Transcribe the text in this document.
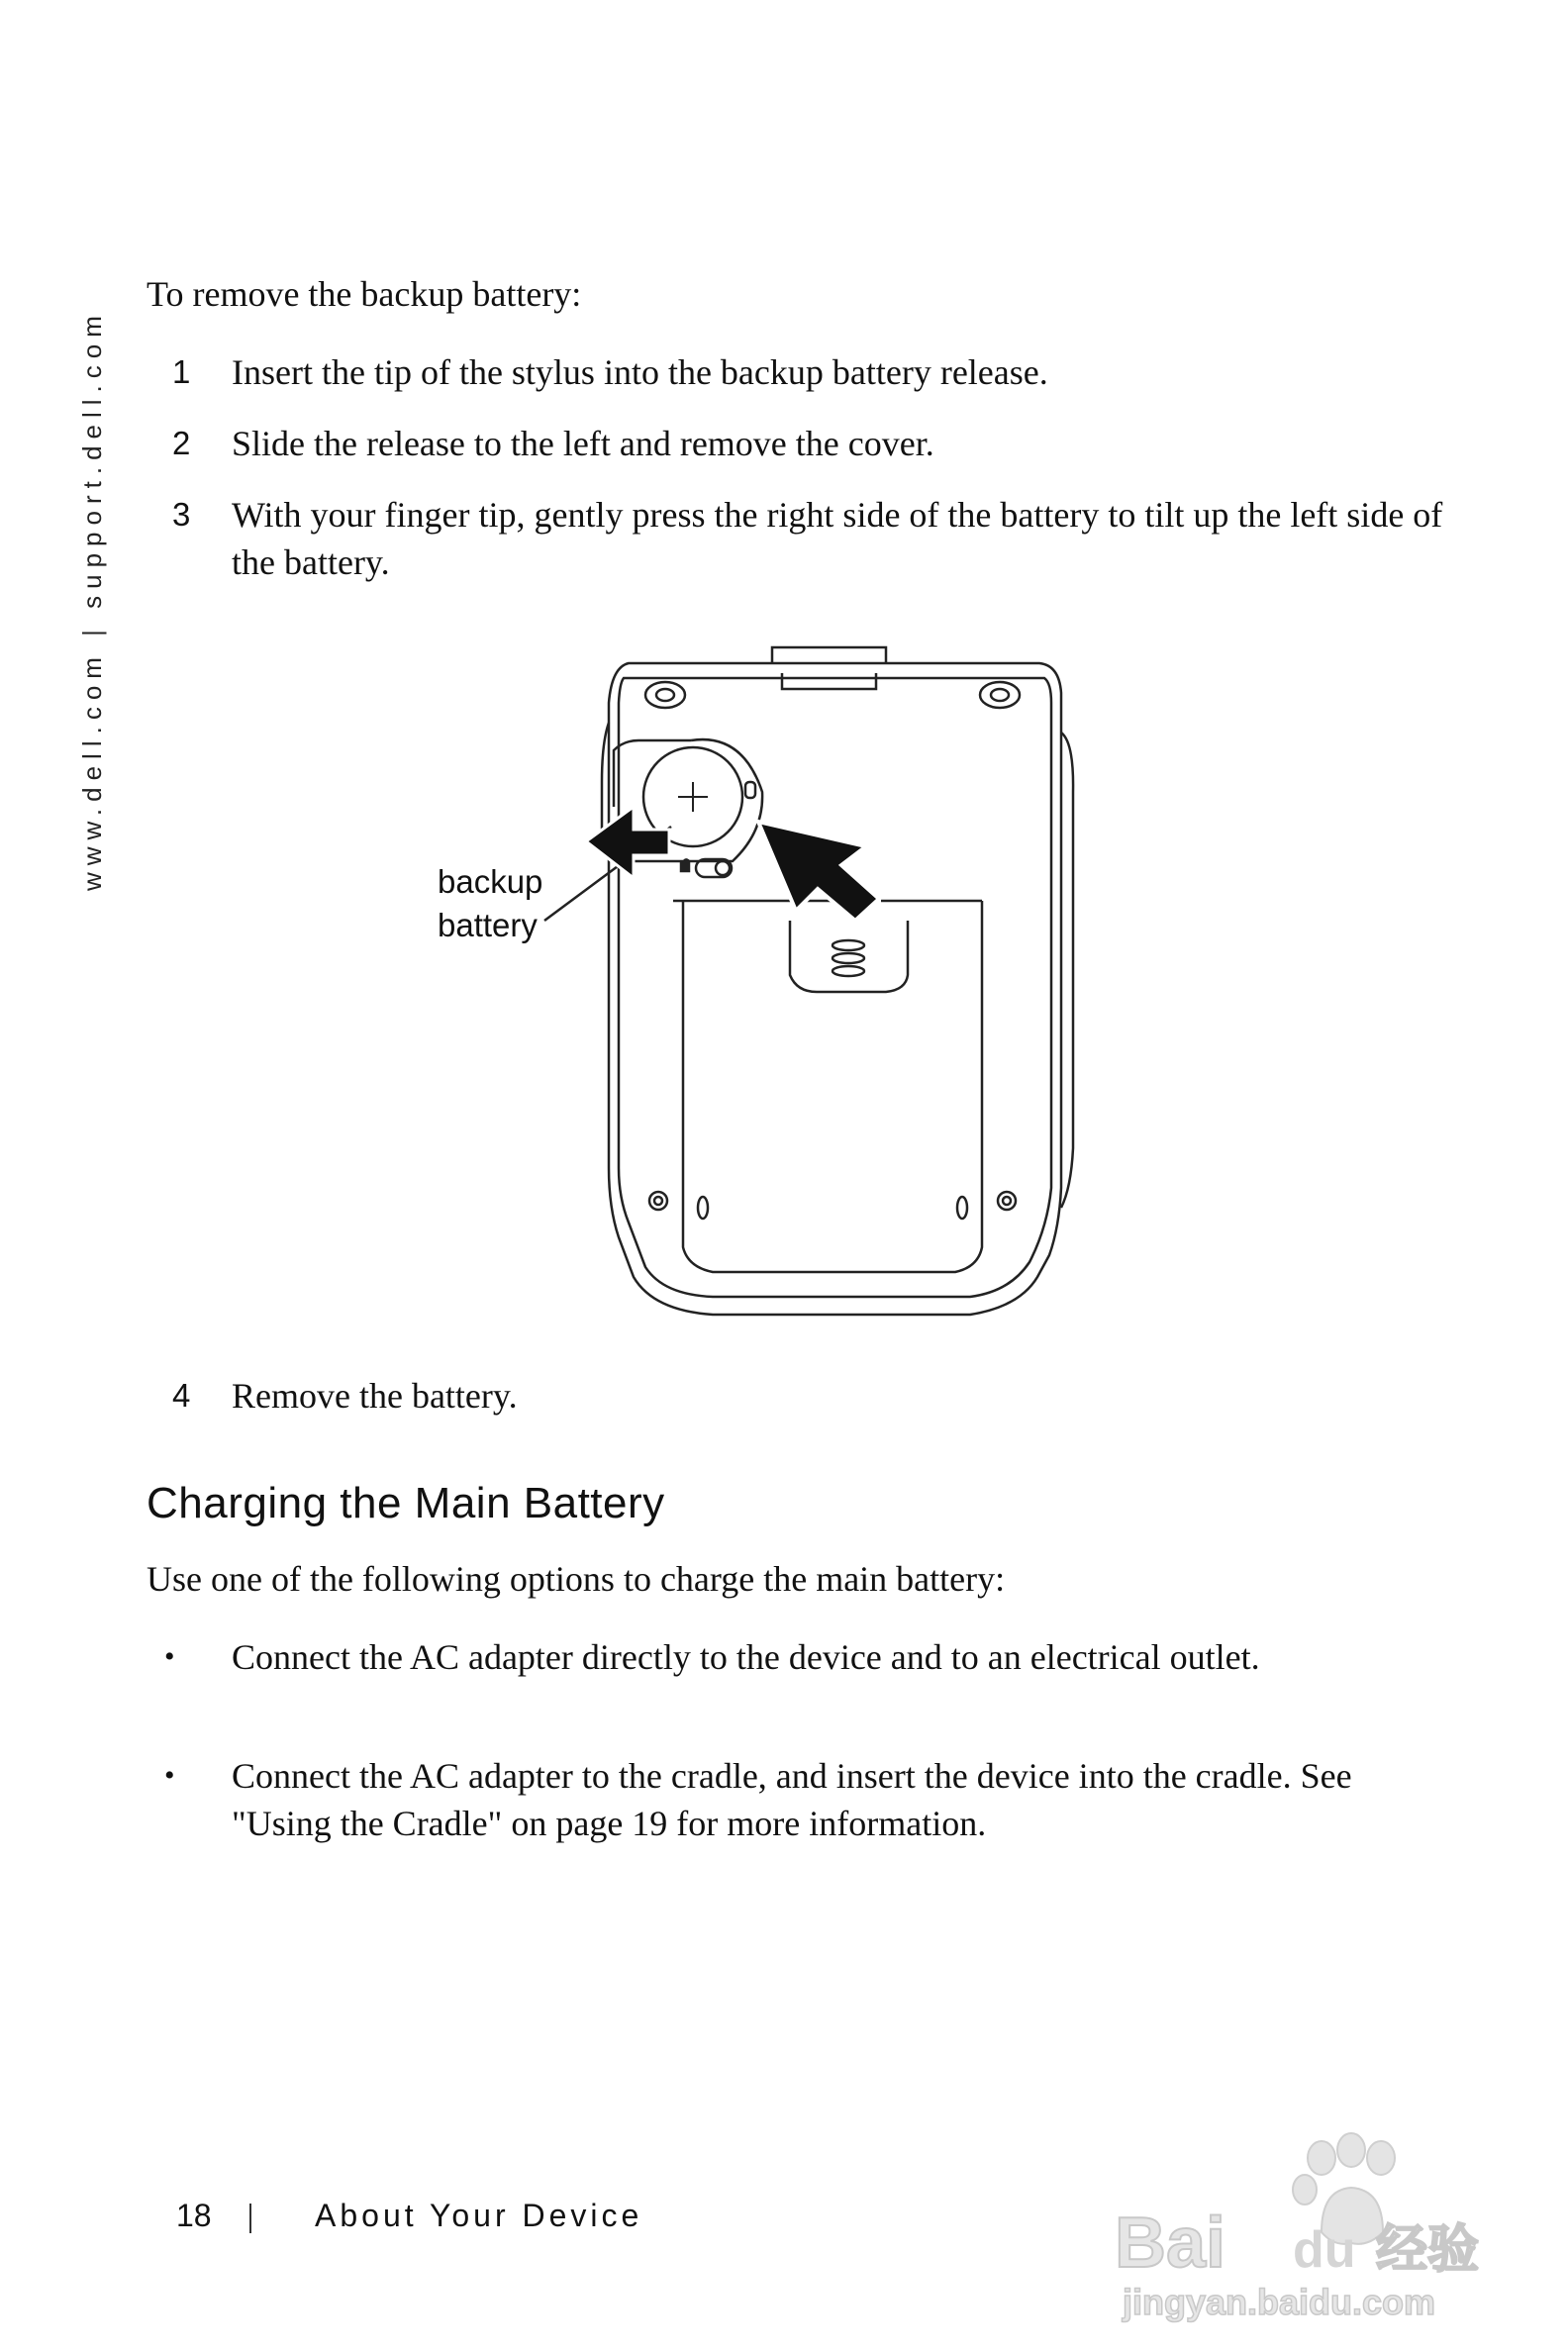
www.dell.com | support.dell.com
To remove the backup battery:
1	Insert the tip of the stylus into the backup battery release.
2	Slide the release to the left and remove the cover.
3	With your finger tip, gently press the right side of the battery to tilt up the left side of the battery.
backup
battery
4	Remove the battery.
Charging the Main Battery
Use one of the following options to charge the main battery:
• Connect the AC adapter directly to the device and to an electrical outlet.
• Connect the AC adapter to the cradle, and insert the device into the cradle. See "Using the Cradle" on page 19 for more information.
18	About Your Device	Bai du 经验
jingyan.baidu.com
